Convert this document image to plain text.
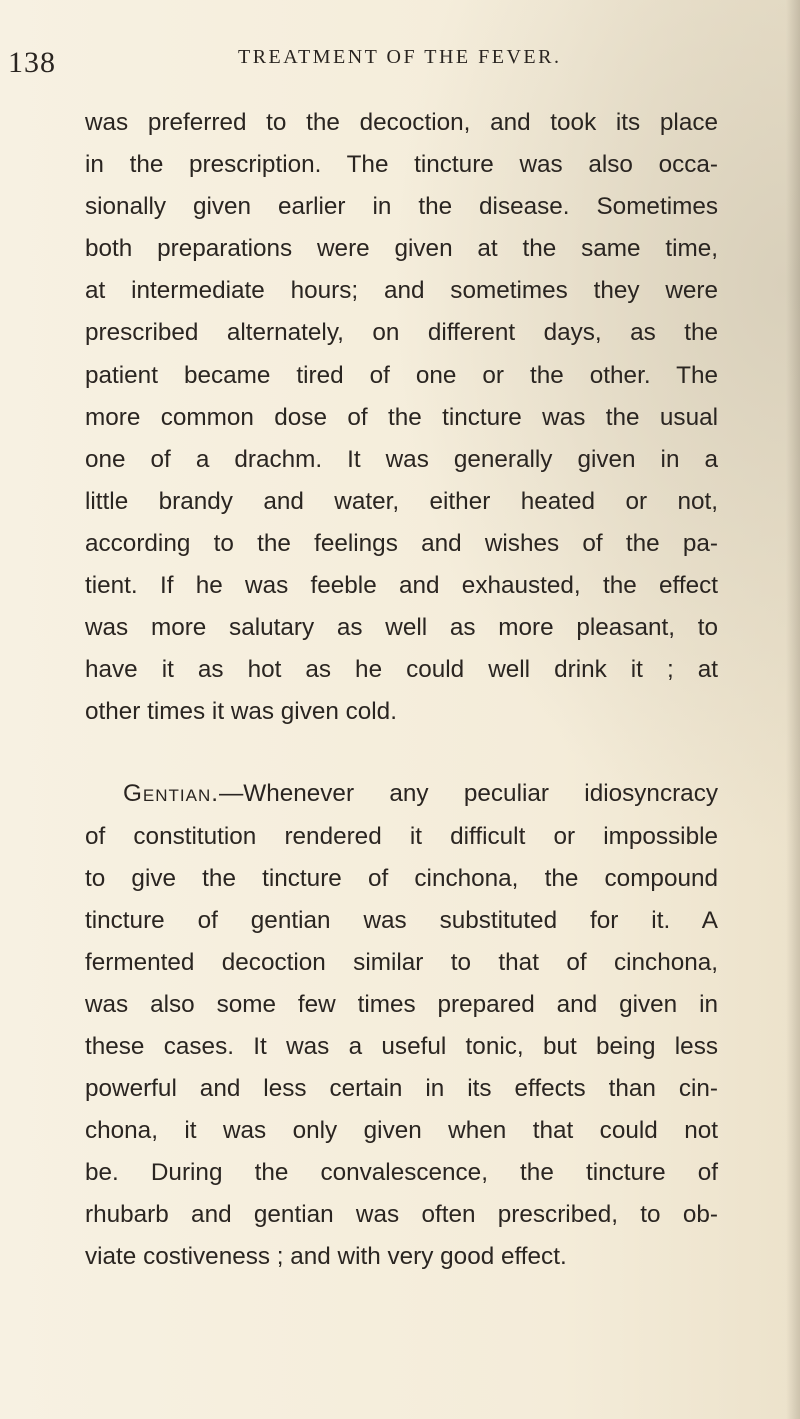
138	TREATMENT OF THE FEVER.
was preferred to the decoction, and took its place
in the prescription. The tincture was also occa-
sionally given earlier in the disease. Sometimes
both preparations were given at the same time,
at intermediate hours; and sometimes they were
prescribed alternately, on different days, as the
patient became tired of one or the other. The
more common dose of the tincture was the usual
one of a drachm. It was generally given in a
little brandy and water, either heated or not,
according to the feelings and wishes of the pa-
tient. If he was feeble and exhausted, the effect
was more salutary as well as more pleasant, to
have it as hot as he could well drink it ; at
other times it was given cold.
Gentian.—Whenever any peculiar idiosyncracy
of constitution rendered it difficult or impossible
to give the tincture of cinchona, the compound
tincture of gentian was substituted for it. A
fermented decoction similar to that of cinchona,
was also some few times prepared and given in
these cases. It was a useful tonic, but being less
powerful and less certain in its effects than cin-
chona, it was only given when that could not
be. During the convalescence, the tincture of
rhubarb and gentian was often prescribed, to ob-
viate costiveness ; and with very good effect.
